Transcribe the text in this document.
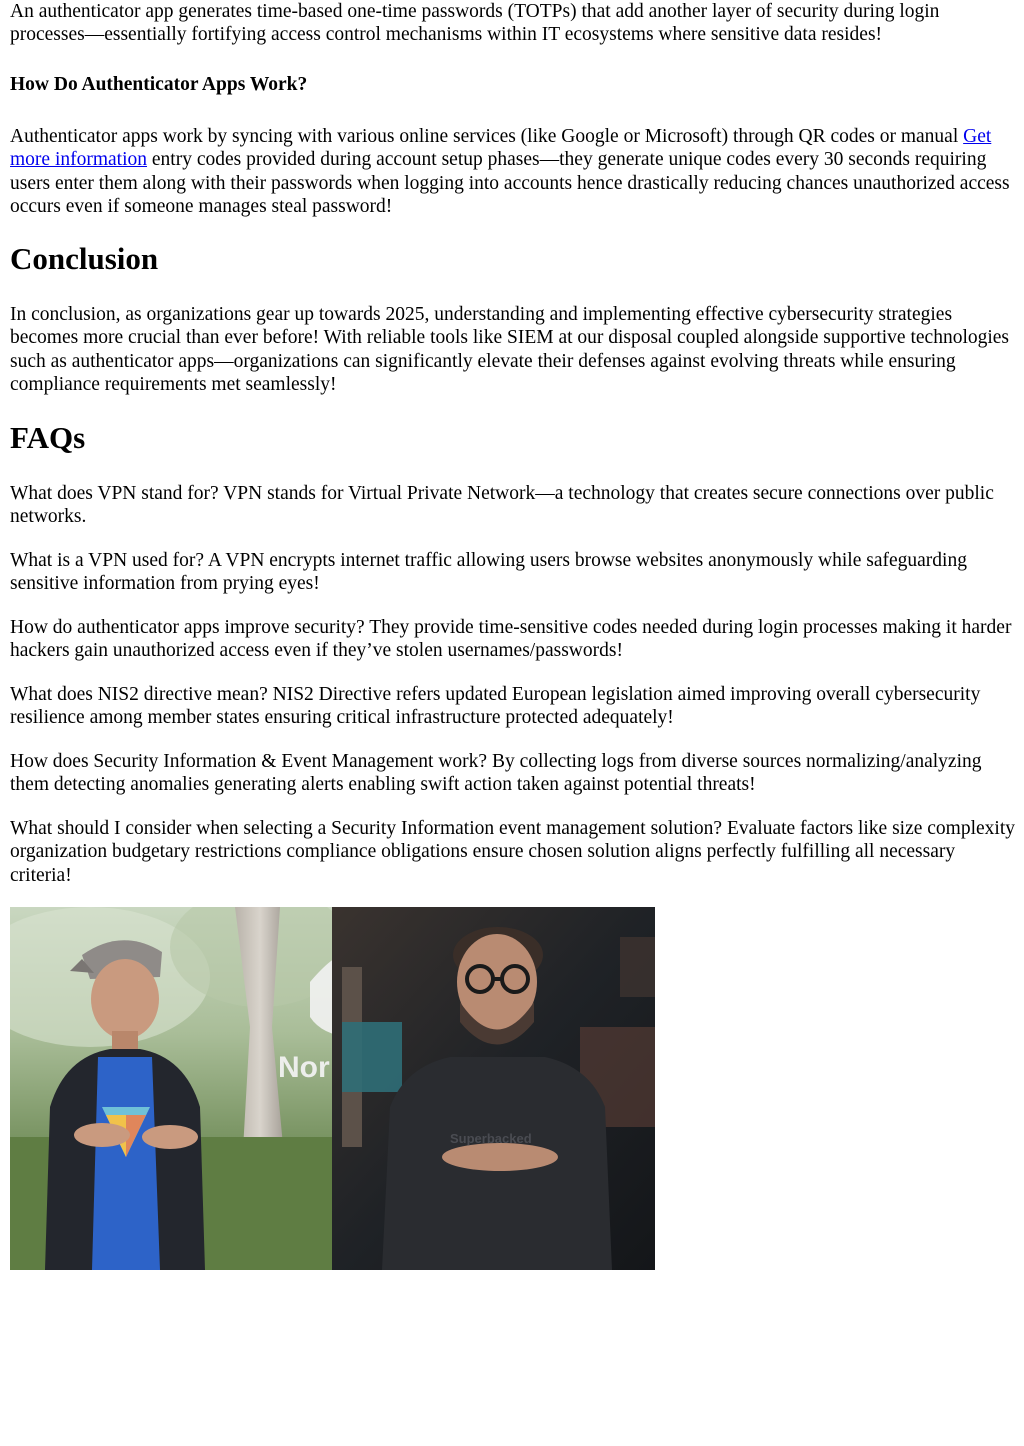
An authenticator app generates time-based one-time passwords (TOTPs) that add another layer of security during login processes—essentially fortifying access control mechanisms within IT ecosystems where sensitive data resides!

How Do Authenticator Apps Work?

Authenticator apps work by syncing with various online services (like Google or Microsoft) through QR codes or manual Get more information entry codes provided during account setup phases—they generate unique codes every 30 seconds requiring users enter them along with their passwords when logging into accounts hence drastically reducing chances unauthorized access occurs even if someone manages steal password!

Conclusion

In conclusion, as organizations gear up towards 2025, understanding and implementing effective cybersecurity strategies becomes more crucial than ever before! With reliable tools like SIEM at our disposal coupled alongside supportive technologies such as authenticator apps—organizations can significantly elevate their defenses against evolving threats while ensuring compliance requirements met seamlessly!

FAQs

What does VPN stand for? VPN stands for Virtual Private Network—a technology that creates secure connections over public networks.

What is a VPN used for? A VPN encrypts internet traffic allowing users browse websites anonymously while safeguarding sensitive information from prying eyes!

How do authenticator apps improve security? They provide time-sensitive codes needed during login processes making it harder hackers gain unauthorized access even if they’ve stolen usernames/passwords!

What does NIS2 directive mean? NIS2 Directive refers updated European legislation aimed improving overall cybersecurity resilience among member states ensuring critical infrastructure protected adequately!

How does Security Information & Event Management work? By collecting logs from diverse sources normalizing/analyzing them detecting anomalies generating alerts enabling swift action taken against potential threats!

What should I consider when selecting a Security Information event management solution? Evaluate factors like size complexity organization budgetary restrictions compliance obligations ensure chosen solution aligns perfectly fulfilling all necessary criteria!

Nor
Superbacked
